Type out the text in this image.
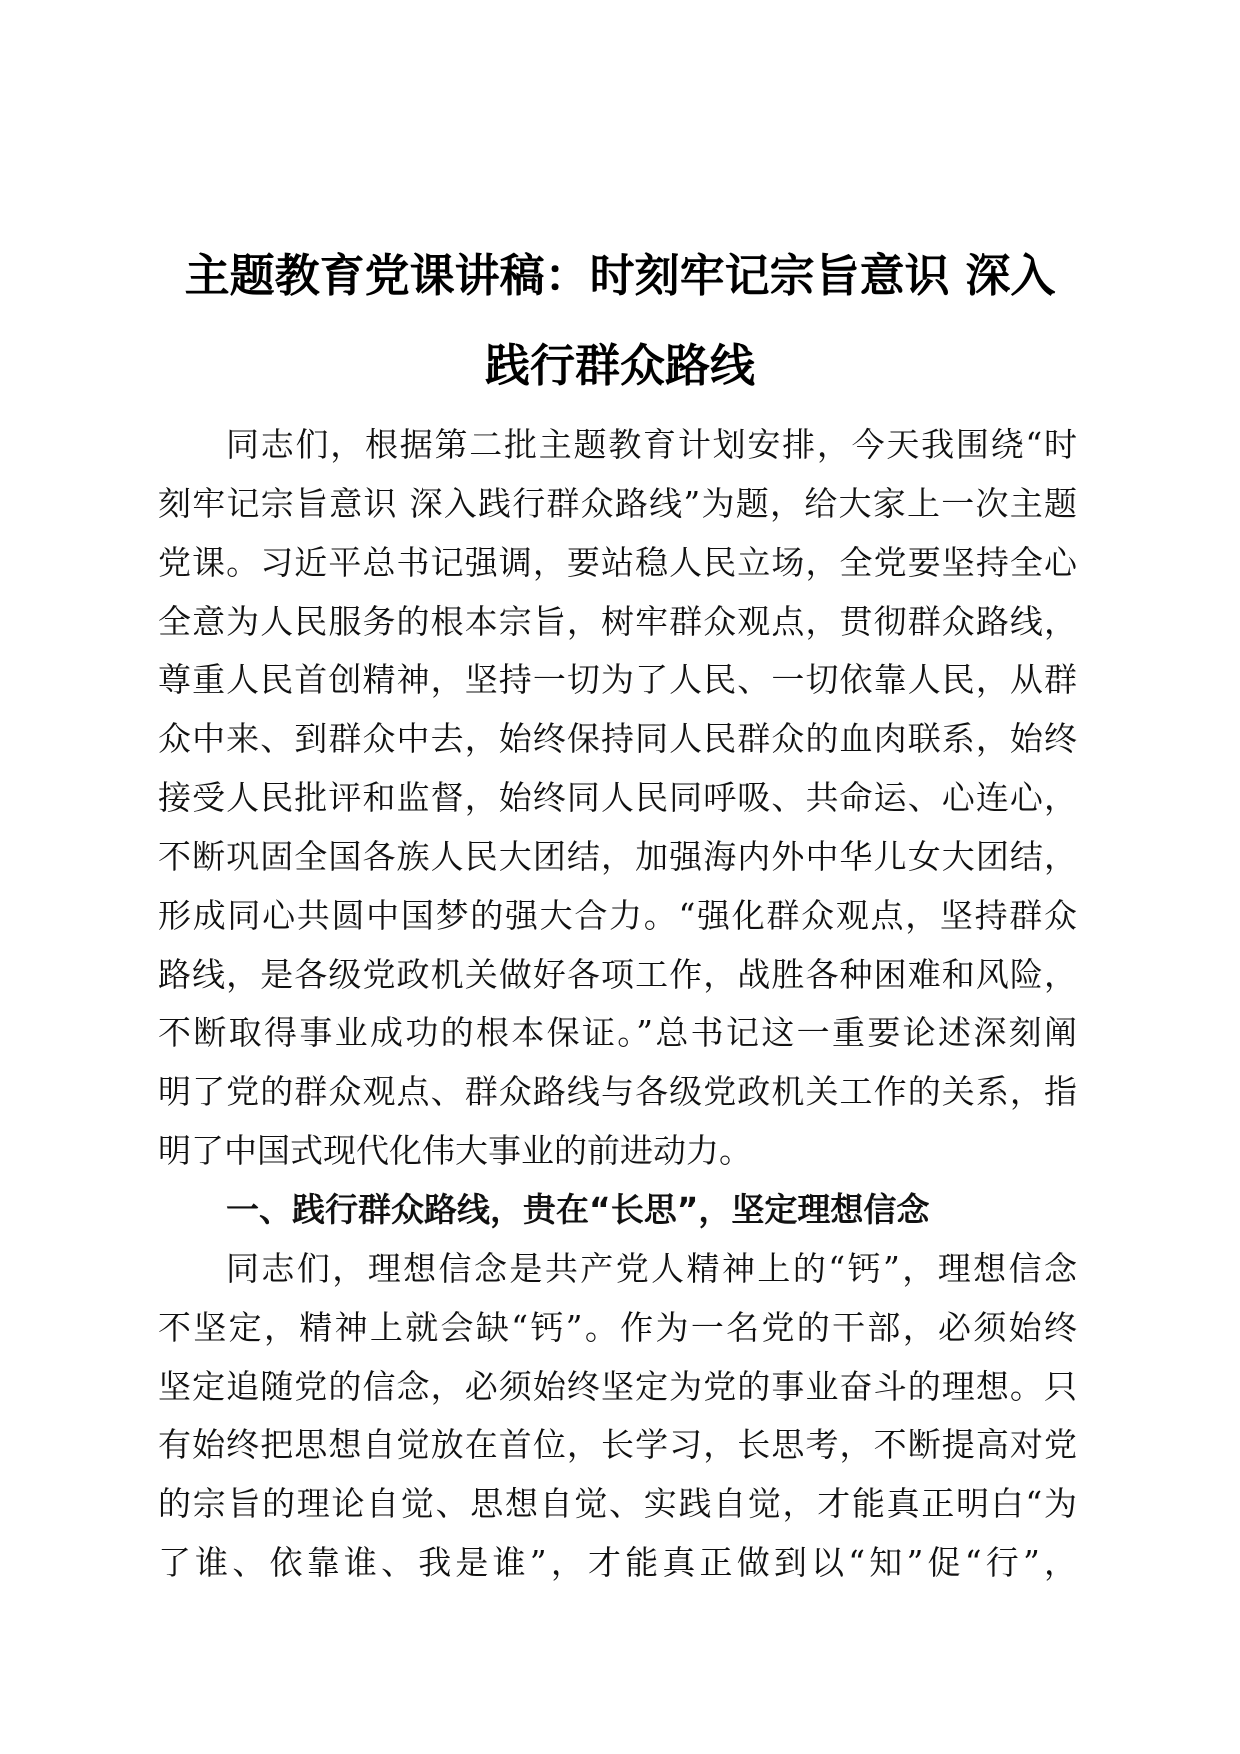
主题教育党课讲稿：时刻牢记宗旨意识 深入
践行群众路线
同志们，根据第二批主题教育计划安排，今天我围绕“时
刻牢记宗旨意识 深入践行群众路线”为题，给大家上一次主题
党课。习近平总书记强调，要站稳人民立场，全党要坚持全心
全意为人民服务的根本宗旨，树牢群众观点，贯彻群众路线，
尊重人民首创精神，坚持一切为了人民、一切依靠人民，从群
众中来、到群众中去，始终保持同人民群众的血肉联系，始终
接受人民批评和监督，始终同人民同呼吸、共命运、心连心，
不断巩固全国各族人民大团结，加强海内外中华儿女大团结，
形成同心共圆中国梦的强大合力。“强化群众观点，坚持群众
路线，是各级党政机关做好各项工作，战胜各种困难和风险，
不断取得事业成功的根本保证。”总书记这一重要论述深刻阐
明了党的群众观点、群众路线与各级党政机关工作的关系，指
明了中国式现代化伟大事业的前进动力。
一、践行群众路线，贵在“长思”，坚定理想信念
同志们，理想信念是共产党人精神上的“钙”，理想信念
不坚定，精神上就会缺“钙”。作为一名党的干部，必须始终
坚定追随党的信念，必须始终坚定为党的事业奋斗的理想。只
有始终把思想自觉放在首位，长学习，长思考，不断提高对党
的宗旨的理论自觉、思想自觉、实践自觉，才能真正明白“为
了谁、依靠谁、我是谁”，才能真正做到以“知”促“行”，
